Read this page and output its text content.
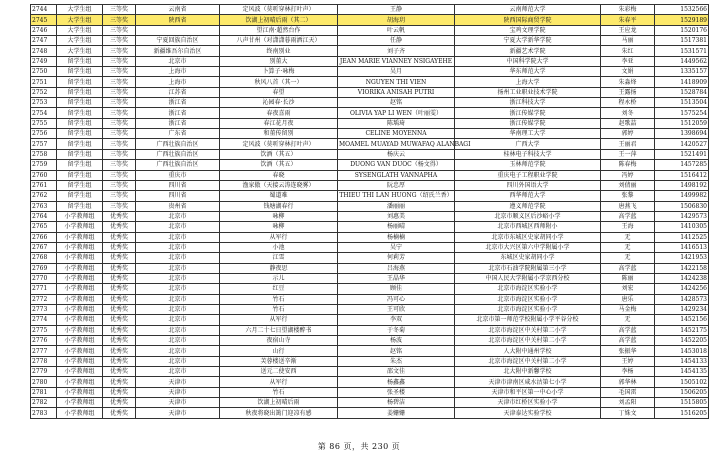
2744	大学生组	三等奖	云南省	定风波（莫听穿林打叶声）	王静	云南师范大学	朱彩梅	1532566
2745	大学生组	三等奖	陕西省	饮湖上初晴后雨（其二）	胡海玥	陕西国际商贸学院	朱春平	1529189
2746	大学生组	三等奖		望江南·超然台作	叶云帆	宝鸡文理学院	王应龙	1520176
2747	大学生组	三等奖	宁夏回族自治区	八声甘州（对潇潇暮雨洒江天）	任静	宁夏大学新华学院	马丽	1517381
2748	大学生组	三等奖	新疆维吾尔自治区	终南别业	刘子齐	新疆艺术学院	朱红	1531571
2749	留学生组	三等奖	北京市	别董大	JEAN MARIE VIANNEY NSIGAYEHE	中国科学院大学	李亚	1449562
2750	留学生组	三等奖	上海市	卜算子·咏梅	吴月	华东师范大学	文娟	1335157
2751	留学生组	三等奖	上海市	秋风八首（其一）	NGUYEN THI VIEN	上海大学	朱淼烽	1418909
2752	留学生组	三等奖	江苏省	春望	VIORIKA ANISAH PUTRI	扬州工业职业技术学院	王露扬	1528784
2753	留学生组	三等奖	浙江省	沁园春·长沙	赵铭	浙江科技大学	程永桥	1513504
2754	留学生组	三等奖	浙江省	春夜喜雨	OLIVIA YAP LI WEN（叶丽雯）	浙江传媒学院	刘冬	1575254
2755	留学生组	三等奖	浙江省	春江花月夜	陈瑀琦	浙江传媒学院	赵歌喆	1512059
2756	留学生组	三等奖	广东省	和董传留别	CELINE MOYENNA	华南理工大学	郭婷	1398694
2757	留学生组	三等奖	广西壮族自治区	定风波（莫听穿林打叶声）	MOAMEL MUAYAD MUWAFAQ ALANBAGI	广西大学	王丽君	1420527
2758	留学生组	三等奖	广西壮族自治区	饮酒（其五）	杨庆云	桂林电子科技大学	王一萍	1521491
2759	留学生组	三等奖	广西壮族自治区	饮酒（其五）	DUONG VAN DUOC（杨文得）	玉林师范学院	陈春梅	1457285
2760	留学生组	三等奖	重庆市	春晓	SYSENGLATH VANNAPHA	重庆电子工程职业学院	冯婷	1516412
2761	留学生组	三等奖	四川省	渔家傲（天接云涛连晓雾）	阮忠厚	四川外国语大学	刘倩丽	1498192
2762	留学生组	三等奖	四川省	蜀道难	THIEU THI LAN HUONG（绍氏兰香）	西华师范大学	张黎	1499982
2763	留学生组	三等奖	贵州省	钱塘湖春行	潘丽丽	遵义师范学院	唐燕飞	1506830
2764	小学教师组	优秀奖	北京市	咏柳	刘惠美	北京市顺义区后沙峪小学	高学蓝	1429573
2765	小学教师组	优秀奖	北京市	咏柳	杨丽晴	北京市西城区西师附小	王海	1410305
2766	小学教师组	优秀奖	北京市	从军行	杨楠楠	北京市东城区史家胡同小学	无	1412525
2767	小学教师组	优秀奖	北京市	小池	吴宁	北京市大兴区第六中学附属小学	无	1416513
2768	小学教师组	优秀奖	北京市	江雪	何莉芳	东城区史家胡同小学	无	1421953
2769	小学教师组	优秀奖	北京市	静夜思	吕海燕	北京市石油学院附属第三小学	高学蓝	1422158
2770	小学教师组	优秀奖	北京市	示儿	王晶华	中国人民大学附属小学京西分校	陈丽	1424238
2771	小学教师组	优秀奖	北京市	红豆	顾佳	北京市海淀区实验小学	刘宏	1424256
2772	小学教师组	优秀奖	北京市	竹石	冯可心	北京市海淀区实验小学	唐乐	1428573
2773	小学教师组	优秀奖	北京市	竹石	王可欣	北京市海淀区实验小学	马金梅	1429234
2774	小学教师组	优秀奖	北京市	从军行	李双	北京市第一师范学校附属小学平谷分校	无	1452156
2775	小学教师组	优秀奖	北京市	六月二十七日望湖楼醉书	于冬菊	北京市海淀区中关村第二小学	高学蓝	1452175
2776	小学教师组	优秀奖	北京市	夜宿山寺	杨波	北京市海淀区中关村第二小学	高学蓝	1452205
2777	小学教师组	优秀奖	北京市	山行	赵铭	人大附中通州学校	张振华	1453018
2778	小学教师组	优秀奖	北京市	芙蓉楼送辛渐	朱杰	北京市海淀区中关村第二小学	王婷	1454133
2779	小学教师组	优秀奖	北京市	送元二使安西	邵文佳	北大附中新馨学校	李杨	1454135
2780	小学教师组	优秀奖	天津市	从军行	杨鑫鑫	天津市津南区咸水沽第七小学	郭华林	1505102
2781	小学教师组	优秀奖	天津市	竹石	张圣楼	天津市和平区第一中心小学	毛国雷	1506205
2782	小学教师组	优秀奖	天津市	饮湖上初晴后雨	杨碧洁	天津市红桥区实验小学	刘孟阳	1515805
2783	小学教师组	优秀奖	天津市	秋夜将晓出篱门迎凉有感	姜姗姗	天津泰达实验学校	丁姝文	1516205
第 86 页，共 230 页
